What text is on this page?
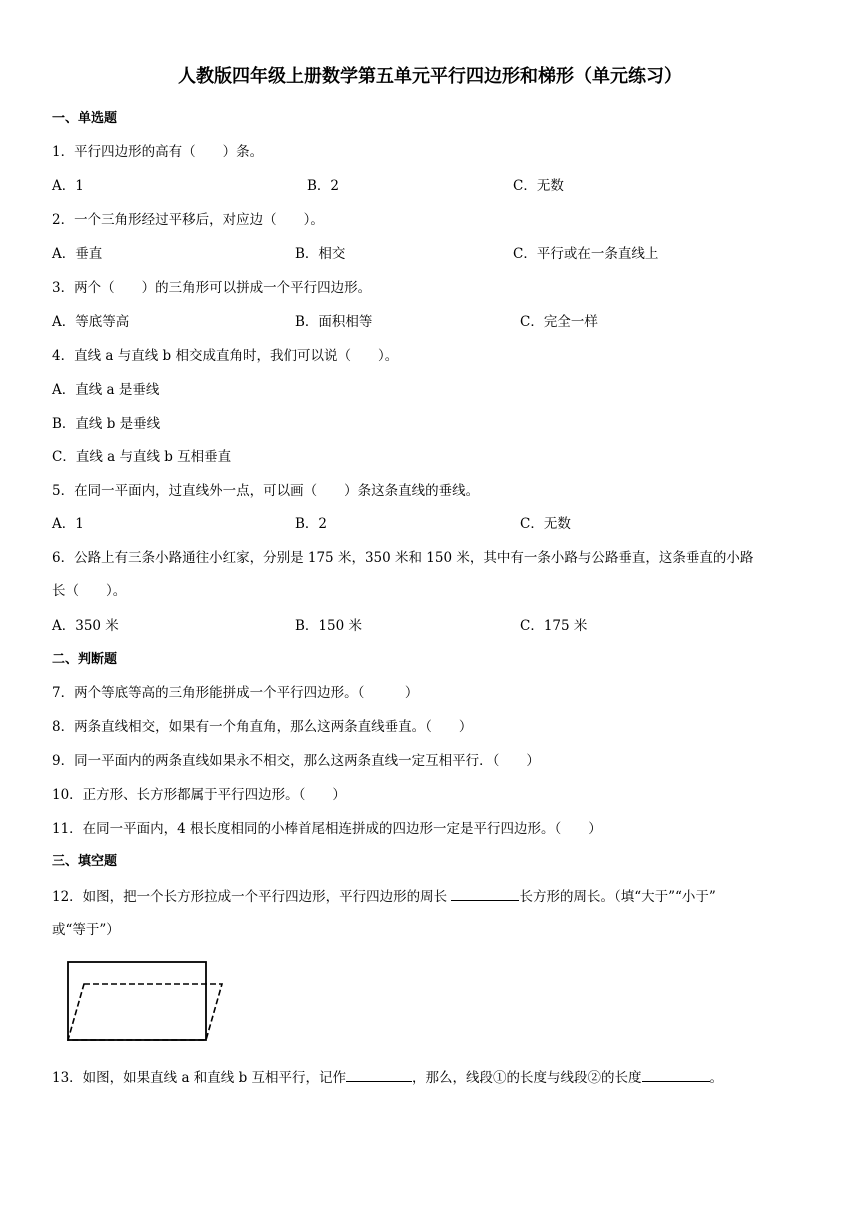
人教版四年级上册数学第五单元平行四边形和梯形（单元练习）
一、单选题
1．平行四边形的高有（　　）条。
A．1	B．2	C．无数
2．一个三角形经过平移后，对应边（　　）。
A．垂直	B．相交	C．平行或在一条直线上
3．两个（　　）的三角形可以拼成一个平行四边形。
A．等底等高	B．面积相等	C．完全一样
4．直线 a 与直线 b 相交成直角时，我们可以说（　　）。
A．直线 a 是垂线
B．直线 b 是垂线
C．直线 a 与直线 b 互相垂直
5．在同一平面内，过直线外一点，可以画（　　）条这条直线的垂线。
A．1	B．2	C．无数
6．公路上有三条小路通往小红家，分别是 175 米，350 米和 150 米，其中有一条小路与公路垂直，这条垂直的小路
长（　　）。
A．350 米	B．150 米	C．175 米
二、判断题
7．两个等底等高的三角形能拼成一个平行四边形。（　　　）
8．两条直线相交，如果有一个角直角，那么这两条直线垂直。（　　）
9．同一平面内的两条直线如果永不相交，那么这两条直线一定互相平行．（　　）
10．正方形、长方形都属于平行四边形。（　　）
11．在同一平面内，4 根长度相同的小棒首尾相连拼成的四边形一定是平行四边形。（　　）
三、填空题
12．如图，把一个长方形拉成一个平行四边形，平行四边形的周长	长方形的周长。（填“大于”“小于”
或“等于”）
13．如图，如果直线 a 和直线 b 互相平行，记作	，那么，线段①的长度与线段②的长度	。
